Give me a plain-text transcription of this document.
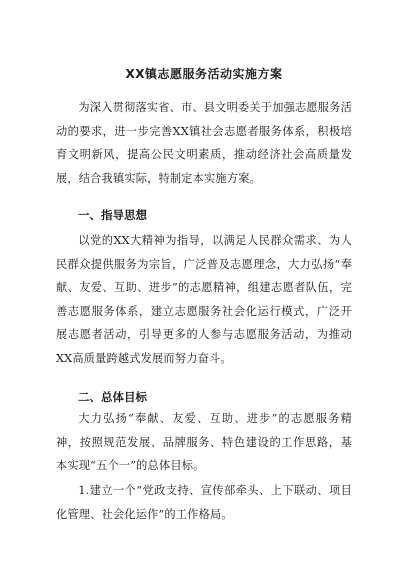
XX镇志愿服务活动实施方案

为深入贯彻落实省、市、县文明委关于加强志愿服务活动的要求，进一步完善XX镇社会志愿者服务体系，积极培育文明新风，提高公民文明素质，推动经济社会高质量发展，结合我镇实际，特制定本实施方案。

一、指导思想

以党的XX大精神为指导，以满足人民群众需求、为人民群众提供服务为宗旨，广泛普及志愿理念，大力弘扬“奉献、友爱、互助、进步”的志愿精神，组建志愿者队伍，完善志愿服务体系，建立志愿服务社会化运行模式，广泛开展志愿者活动，引导更多的人参与志愿服务活动，为推动XX高质量跨越式发展而努力奋斗。

二、总体目标

大力弘扬“奉献、友爱、互助、进步”的志愿服务精神，按照规范发展、品牌服务、特色建设的工作思路，基本实现“五个一”的总体目标。

1.建立一个“党政支持、宣传部牵头、上下联动、项目化管理、社会化运作”的工作格局。
